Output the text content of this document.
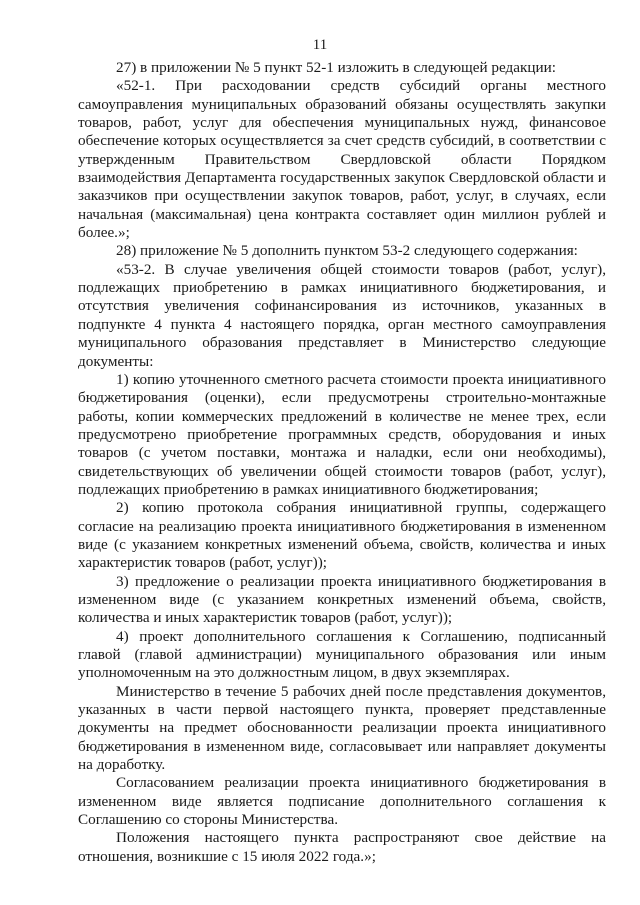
11

27) в приложении № 5 пункт 52-1 изложить в следующей редакции:

«52-1. При расходовании средств субсидий органы местного самоуправления муниципальных образований обязаны осуществлять закупки товаров, работ, услуг для обеспечения муниципальных нужд, финансовое обеспечение которых осуществляется за счет средств субсидий, в соответствии с утвержденным Правительством Свердловской области Порядком взаимодействия Департамента государственных закупок Свердловской области и заказчиков при осуществлении закупок товаров, работ, услуг, в случаях, если начальная (максимальная) цена контракта составляет один миллион рублей и более.»;

28) приложение № 5 дополнить пунктом 53-2 следующего содержания:

«53-2. В случае увеличения общей стоимости товаров (работ, услуг), подлежащих приобретению в рамках инициативного бюджетирования, и отсутствия увеличения софинансирования из источников, указанных в подпункте 4 пункта 4 настоящего порядка, орган местного самоуправления муниципального образования представляет в Министерство следующие документы:

1) копию уточненного сметного расчета стоимости проекта инициативного бюджетирования (оценки), если предусмотрены строительно-монтажные работы, копии коммерческих предложений в количестве не менее трех, если предусмотрено приобретение программных средств, оборудования и иных товаров (с учетом поставки, монтажа и наладки, если они необходимы), свидетельствующих об увеличении общей стоимости товаров (работ, услуг), подлежащих приобретению в рамках инициативного бюджетирования;

2) копию протокола собрания инициативной группы, содержащего согласие на реализацию проекта инициативного бюджетирования в измененном виде (с указанием конкретных изменений объема, свойств, количества и иных характеристик товаров (работ, услуг));

3) предложение о реализации проекта инициативного бюджетирования в измененном виде (с указанием конкретных изменений объема, свойств, количества и иных характеристик товаров (работ, услуг));

4) проект дополнительного соглашения к Соглашению, подписанный главой (главой администрации) муниципального образования или иным уполномоченным на это должностным лицом, в двух экземплярах.

Министерство в течение 5 рабочих дней после представления документов, указанных в части первой настоящего пункта, проверяет представленные документы на предмет обоснованности реализации проекта инициативного бюджетирования в измененном виде, согласовывает или направляет документы на доработку.

Согласованием реализации проекта инициативного бюджетирования в измененном виде является подписание дополнительного соглашения к Соглашению со стороны Министерства.

Положения настоящего пункта распространяют свое действие на отношения, возникшие с 15 июля 2022 года.»;
